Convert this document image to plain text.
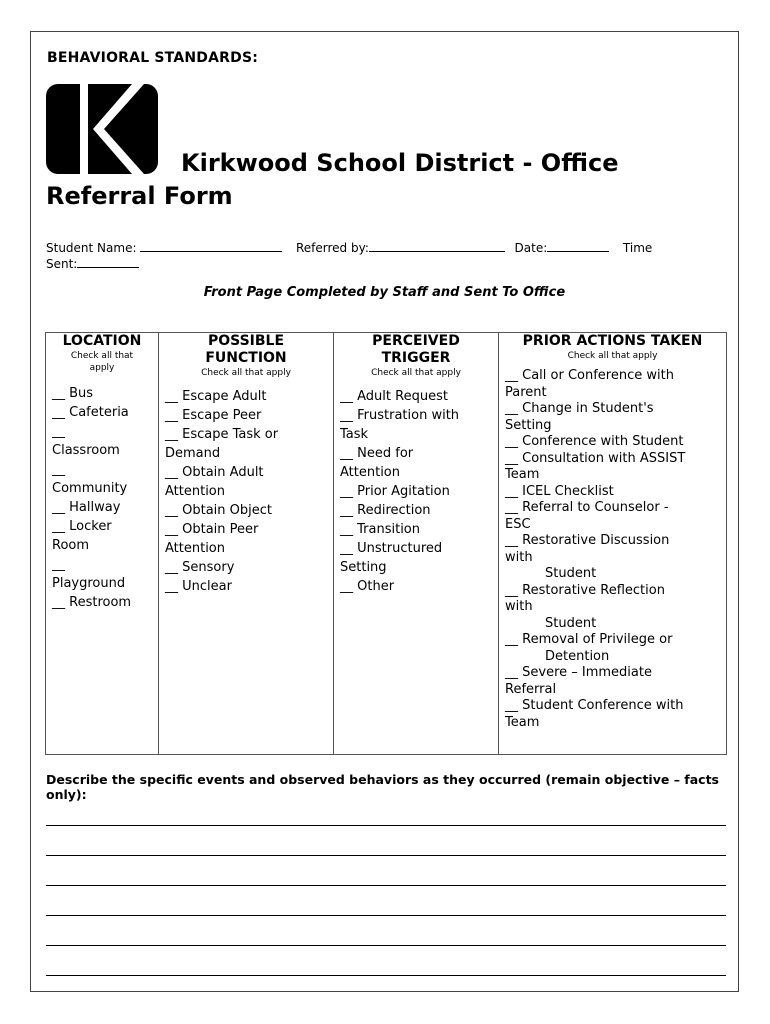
BEHAVIORAL STANDARDS:
Kirkwood School District - Office
Referral Form
Student Name:	Referred by:	Date:	Time
Sent:
Front Page Completed by Staff and Sent To Office
LOCATION
Check all that apply
__ Bus
__ Cafeteria
__
Classroom
__
Community
__ Hallway
__ Locker
Room
__
Playground
__ Restroom

POSSIBLE FUNCTION
Check all that apply
__ Escape Adult
__ Escape Peer
__ Escape Task or
Demand
__ Obtain Adult
Attention
__ Obtain Object
__ Obtain Peer
Attention
__ Sensory
__ Unclear

PERCEIVED TRIGGER
Check all that apply
__ Adult Request
__ Frustration with
Task
__ Need for
Attention
__ Prior Agitation
__ Redirection
__ Transition
__ Unstructured
Setting
__ Other

PRIOR ACTIONS TAKEN
Check all that apply
__ Call or Conference with
Parent
__ Change in Student's
Setting
__ Conference with Student
__ Consultation with ASSIST
Team
__ ICEL Checklist
__ Referral to Counselor -
ESC
__ Restorative Discussion
with
Student
__ Restorative Reflection
with
Student
__ Removal of Privilege or
Detention
__ Severe – Immediate
Referral
__ Student Conference with
Team
Describe the specific events and observed behaviors as they occurred (remain objective – facts only):
